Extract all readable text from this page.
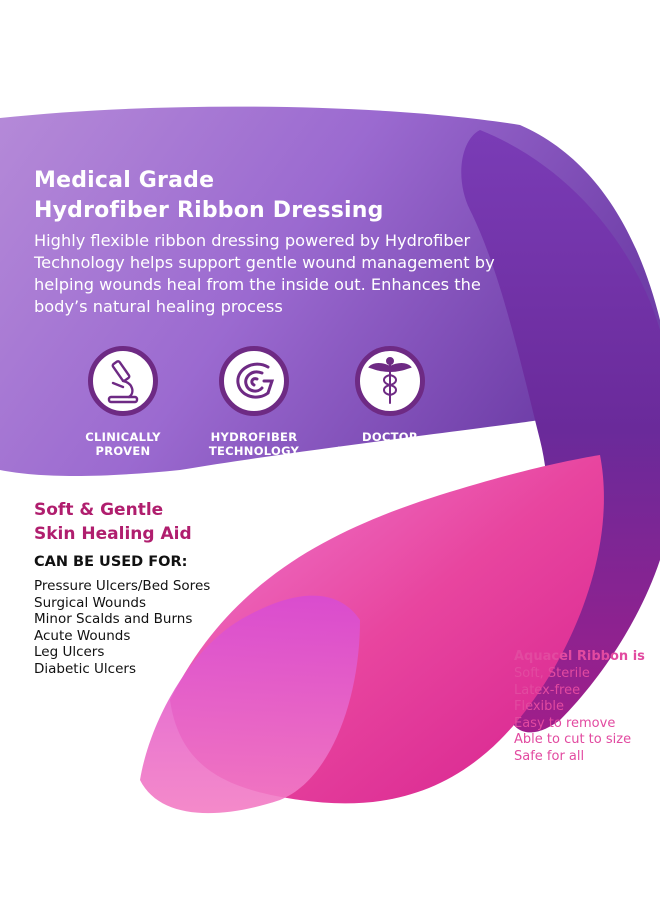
Medical Grade
Hydrofiber Ribbon Dressing

Highly flexible ribbon dressing powered by Hydrofiber Technology helps support gentle wound management by helping wounds heal from the inside out. Enhances the body’s natural healing process

CLINICALLY
PROVEN
HYDROFIBER
TECHNOLOGY
DOCTOR
RECOMMENDED
Soft & Gentle
Skin Healing Aid
CAN BE USED FOR:
Pressure Ulcers/Bed Sores
Surgical Wounds
Minor Scalds and Burns
Acute Wounds
Leg Ulcers
Diabetic Ulcers
Aquacel Ribbon is
Soft, Sterile
Latex-free
Flexible
Easy to remove
Able to cut to size
Safe for all
